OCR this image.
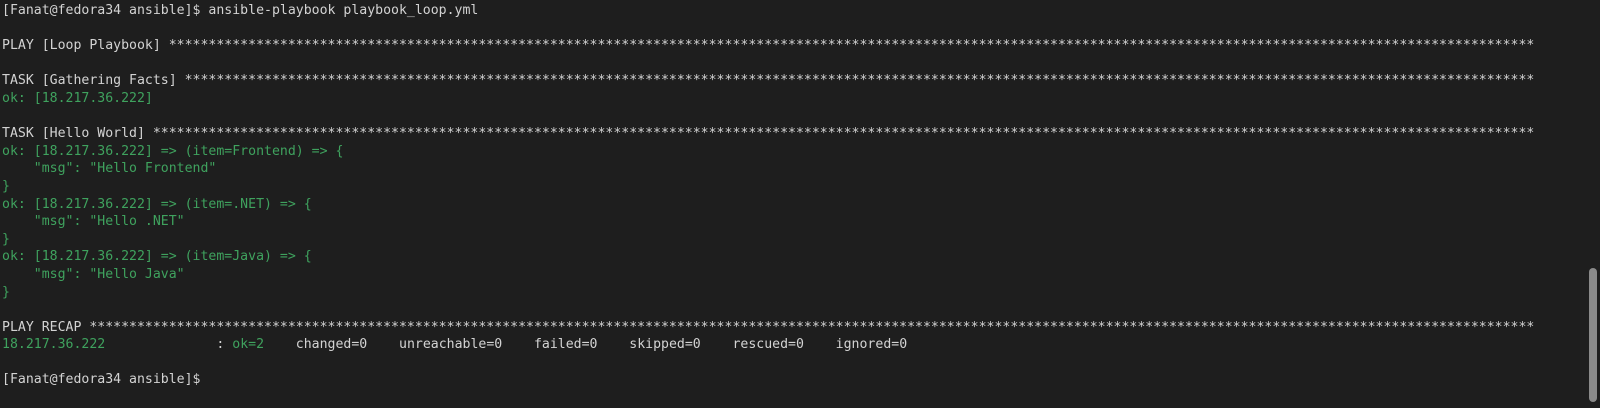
[Fanat@fedora34 ansible]$ ansible-playbook playbook_loop.yml
PLAY [Loop Playbook] ****************************************************************************************************************************************************************************
TASK [Gathering Facts] **************************************************************************************************************************************************************************
ok: [18.217.36.222]
TASK [Hello World] ******************************************************************************************************************************************************************************
ok: [18.217.36.222] => (item=Frontend) => {
"msg": "Hello Frontend"
}
ok: [18.217.36.222] => (item=.NET) => {
"msg": "Hello .NET"
}
ok: [18.217.36.222] => (item=Java) => {
"msg": "Hello Java"
}
PLAY RECAP **************************************************************************************************************************************************************************************
18.217.36.222              : ok=2    changed=0    unreachable=0    failed=0    skipped=0    rescued=0    ignored=0
[Fanat@fedora34 ansible]$
